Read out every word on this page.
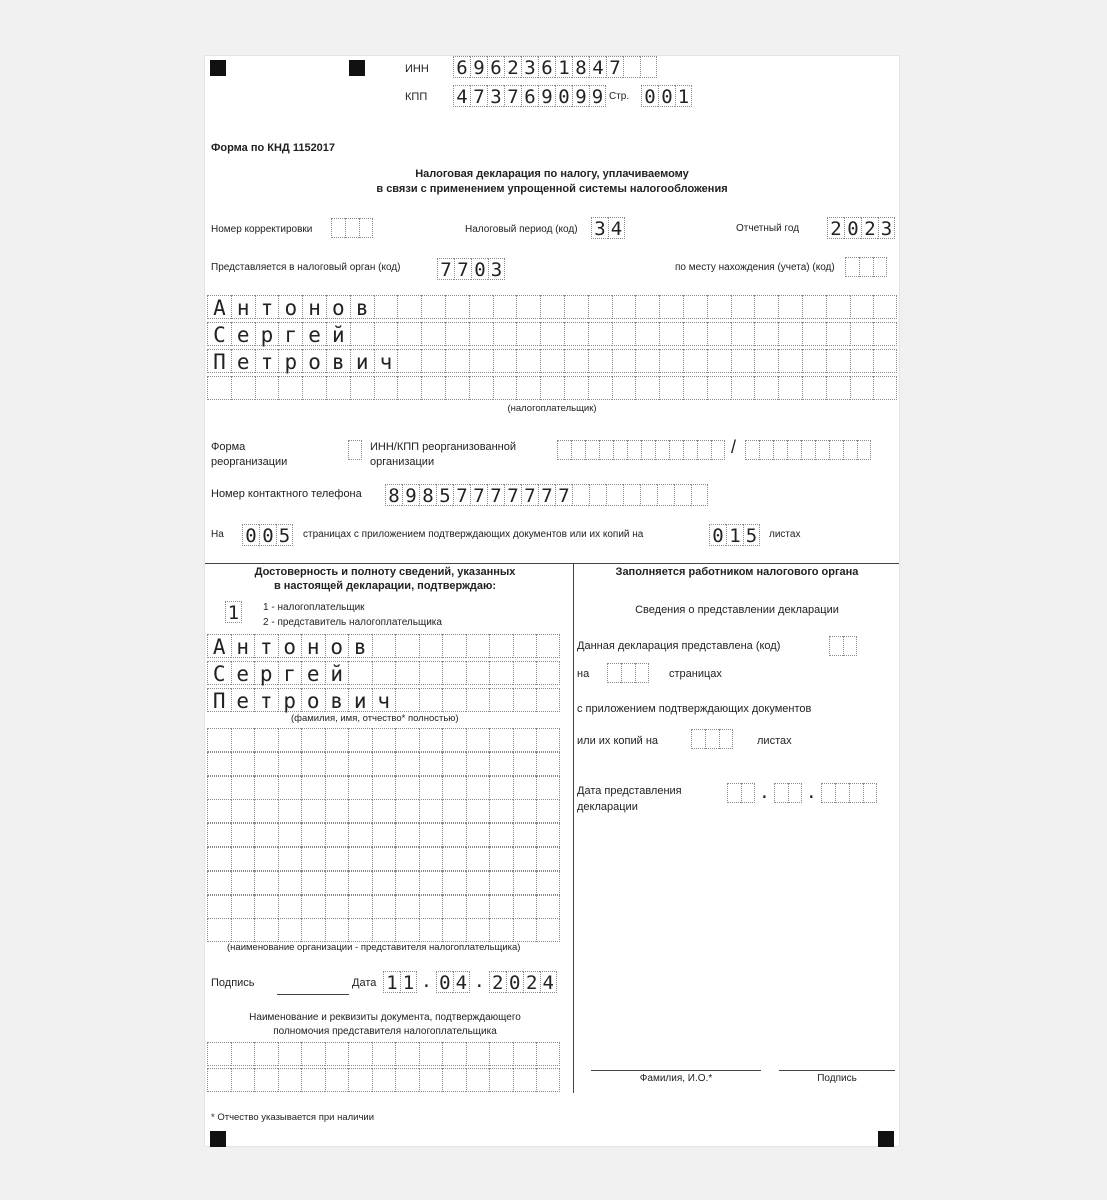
ИНН 6 9 6 2 3 6 1 8 4 7
КПП 4 7 3 7 6 9 0 9 9 Стр. 0 0 1
Форма по КНД 1152017
Налоговая декларация по налогу, уплачиваемому
в связи с применением упрощенной системы налогообложения
Номер корректировки	Налоговый период (код) 3 4	Отчетный год 2 0 2 3
Представляется в налоговый орган (код) 7 7 0 3	по месту нахождения (учета) (код)
А н т о н о в
С е р г е й
П е т р о в и ч
(налогоплательщик)
Форма
реорганизации
ИНН/КПП реорганизованной
организации
/
Номер контактного телефона 8 9 8 5 7 7 7 7 7 7 7
На 0 0 5 страницах с приложением подтверждающих документов или их копий на	0 1 5 листах
Достоверность и полноту сведений, указанных
в настоящей декларации, подтверждаю:
1 1 - налогоплательщик
2 - представитель налогоплательщика
А н т о н о в
С е р г е й
П е т р о в и ч
(фамилия, имя, отчество* полностью)
(наименование организации - представителя налогоплательщика)
Подпись	Дата 1 1 . 0 4 . 2 0 2 4
Наименование и реквизиты документа, подтверждающего
полномочия представителя налогоплательщика
* Отчество указывается при наличии
Заполняется работником налогового органа
Сведения о представлении декларации
Данная декларация представлена (код)
на	страницах
с приложением подтверждающих документов
или их копий на	листах
Дата представления
декларации
. .
Фамилия, И.О.*	Подпись
